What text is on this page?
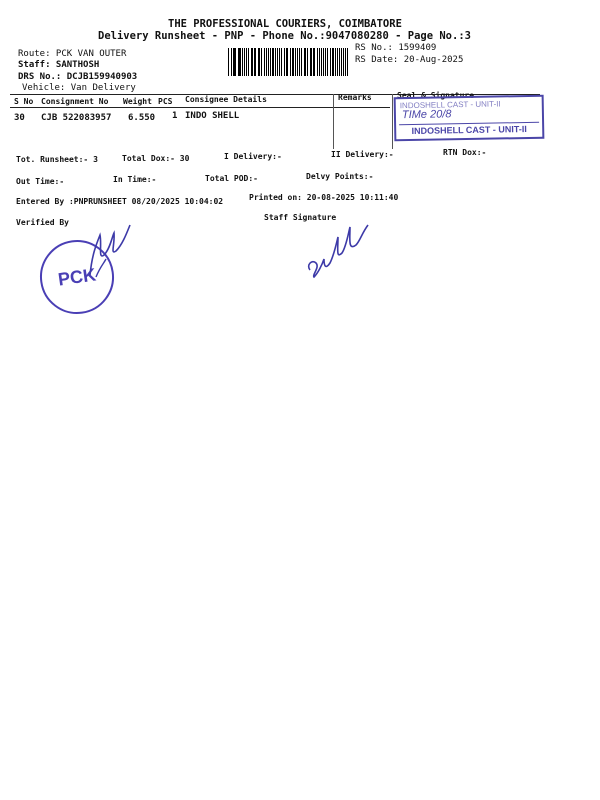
THE PROFESSIONAL COURIERS, COIMBATORE
Delivery Runsheet - PNP - Phone No.:9047080280 - Page No.:3
Route: PCK VAN OUTER
Staff: SANTHOSH
DRS No.: DCJB159940903
Vehicle: Van Delivery
RS No.: 1599409
RS Date: 20-Aug-2025
S No Consignment No Weight PCS Consignee Details	Remarks	Seal & Signature
30 CJB 522083957 6.550 1 INDO SHELL
INDOSHELL CAST - UNIT-II
TIMe 20/8
INDOSHELL CAST - UNIT-II
Tot. Runsheet:- 3	Total Dox:- 30	I Delivery:-	II Delivery:-	RTN Dox:-
Out Time:-	In Time:-	Total POD:-	Delvy Points:-
Entered By :PNPRUNSHEET 08/20/2025 10:04:02	Printed on: 20-08-2025 10:11:40
Verified By
Staff Signature
PCK
